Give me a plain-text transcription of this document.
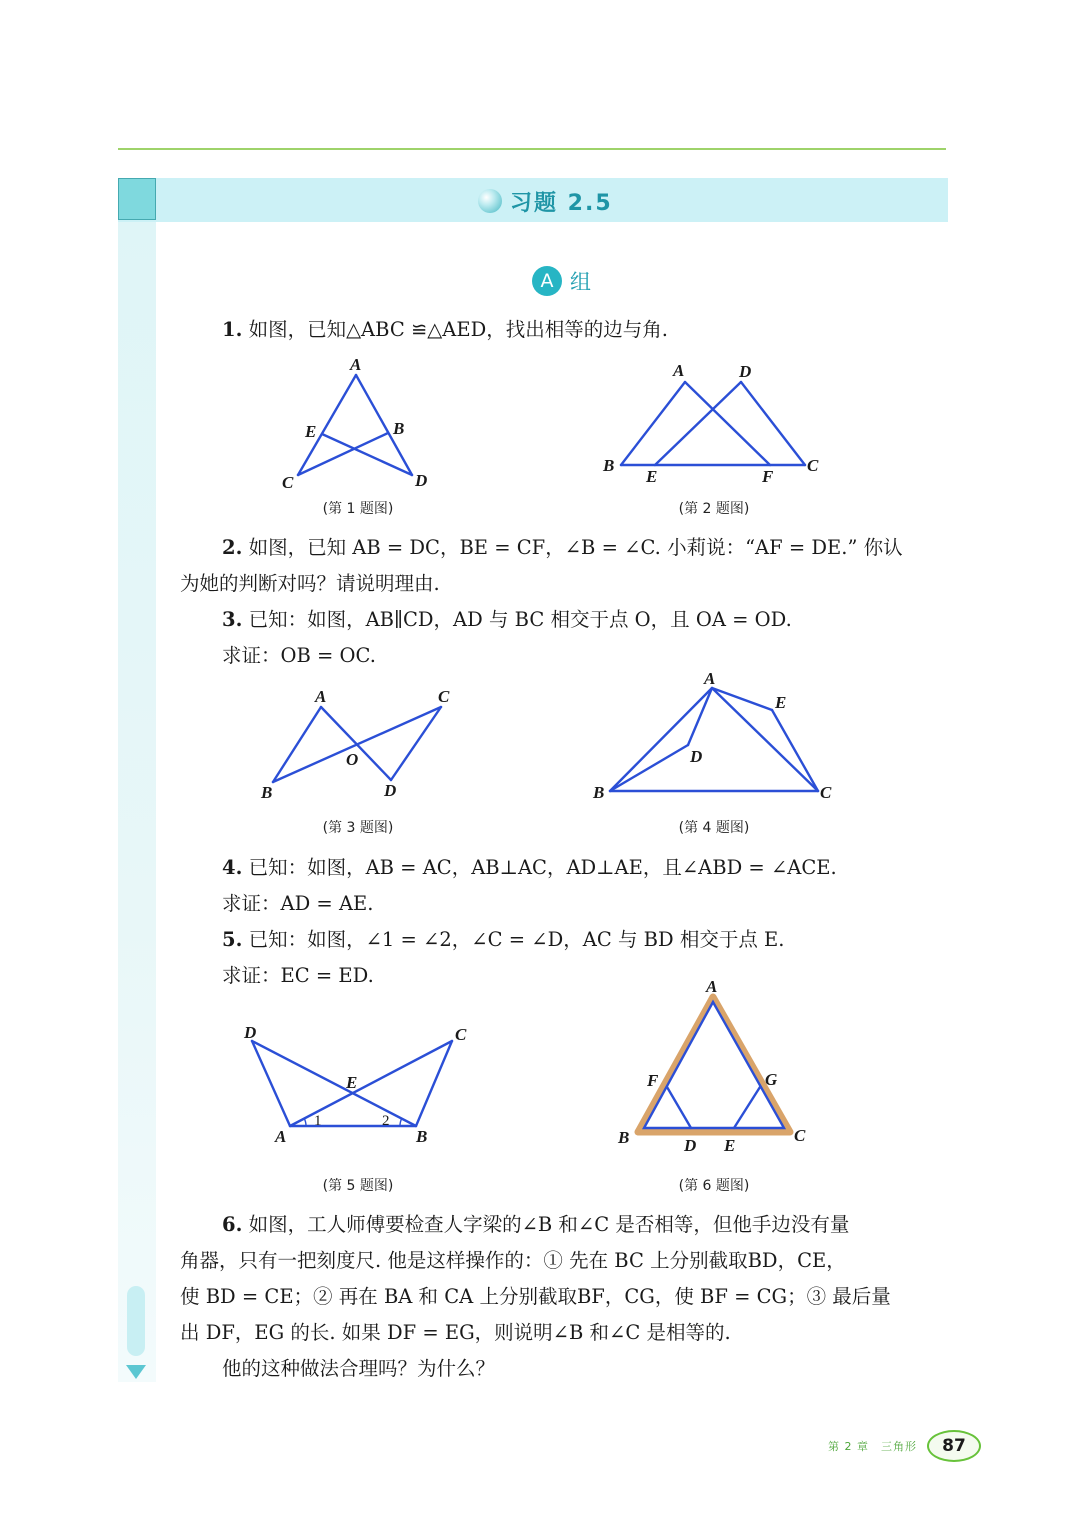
习题 2.5
A 组
1. 如图，已知△ABC ≌△AED，找出相等的边与角.
A
B
C	D
E
(第 1 题图)
A	D
B	C
E	F
(第 2 题图)
2. 如图，已知 AB = DC，BE = CF，∠B = ∠C. 小莉说：“AF = DE.” 你认
为她的判断对吗？请说明理由.
3. 已知：如图，AB∥CD，AD 与 BC 相交于点 O，且 OA = OD.
求证：OB = OC.
A	C
B	D
O
(第 3 题图)
A
E
D
B	C
(第 4 题图)
4. 已知：如图，AB = AC，AB⊥AC，AD⊥AE，且∠ABD = ∠ACE.
求证：AD = AE.
5. 已知：如图，∠1 = ∠2，∠C = ∠D，AC 与 BD 相交于点 E.
求证：EC = ED.
D	C
E
A	B
1	2
(第 5 题图)
A
F	G
B	D E
C
(第 6 题图)
6. 如图，工人师傅要检查人字梁的∠B 和∠C 是否相等，但他手边没有量
角器，只有一把刻度尺. 他是这样操作的：① 先在 BC 上分别截取BD，CE，
使 BD = CE；② 再在 BA 和 CA 上分别截取BF，CG，使 BF = CG；③ 最后量
出 DF，EG 的长. 如果 DF = EG，则说明∠B 和∠C 是相等的.
他的这种做法合理吗？为什么？
第 2 章　三角形	87
